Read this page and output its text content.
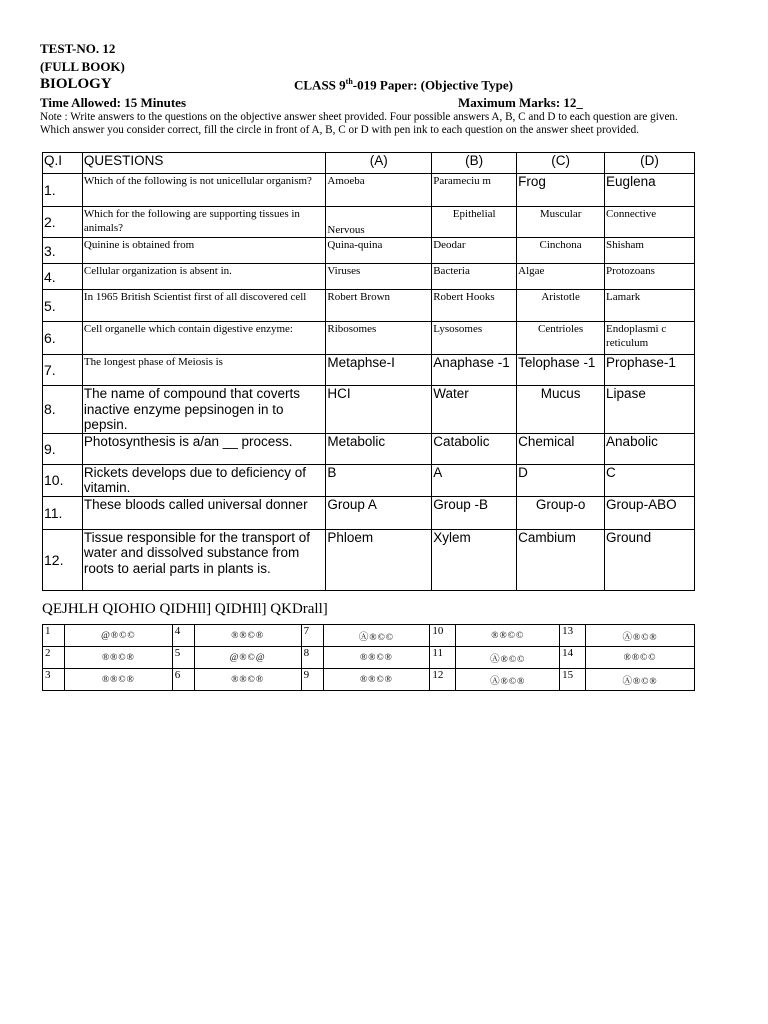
TEST-NO. 12
(FULL BOOK)
BIOLOGY	CLASS 9th-019 Paper: (Objective Type)
Time Allowed: 15 Minutes	Maximum Marks: 12_
Note : Write answers to the questions on the objective answer sheet provided. Four possible answers A, B, C and D to each question are given. Which answer you consider correct, fill the circle in front of A, B, C or D with pen ink to each question on the answer sheet provided.
Q.I	QUESTIONS	(A)	(B)	(C)	(D)
1.	Which of the following is not unicellular organism?	Amoeba	Parameciu m	Frog	Euglena
2.	Which for the following are supporting tissues in animals?	Nervous	Epithelial	Muscular	Connective
3.	Quinine is obtained from	Quina-quina	Deodar	Cinchona	Shisham
4.	Cellular organization is absent in.	Viruses	Bacteria	Algae	Protozoans
5.	In 1965 British Scientist first of all discovered cell	Robert Brown	Robert Hooks	Aristotle	Lamark
6.	Cell organelle which contain digestive enzyme:	Ribosomes	Lysosomes	Centrioles	Endoplasmi c reticulum
7.	The longest phase of Meiosis is	Metaphse-I	Anaphase -1	Telophase -1	Prophase-1
8.	The name of compound that coverts inactive enzyme pepsinogen in to pepsin.	HCI	Water	Mucus	Lipase
9.	Photosynthesis is a/an __ process.	Metabolic	Catabolic	Chemical	Anabolic
10.	Rickets develops due to deficiency of vitamin.	B	A	D	C
11.	These bloods called universal donner	Group A	Group -B	Group-o	Group-ABO
12.	Tissue responsible for the transport of water and dissolved substance from roots to aerial parts in plants is.	Phloem	Xylem	Cambium	Ground
QEJHLH QIOHIO QIDHIl] QIDHIl] QKDrall]
1	@®©©	4	®®©®	7	Ⓐ®©©	10	®®©©	13	Ⓐ®©®
2	®®©®	5	@®©@	8	®®©®	11	Ⓐ®©©	14	®®©©
3	®®©®	6	®®©®	9	®®©®	12	Ⓐ®©®	15	Ⓐ®©®
